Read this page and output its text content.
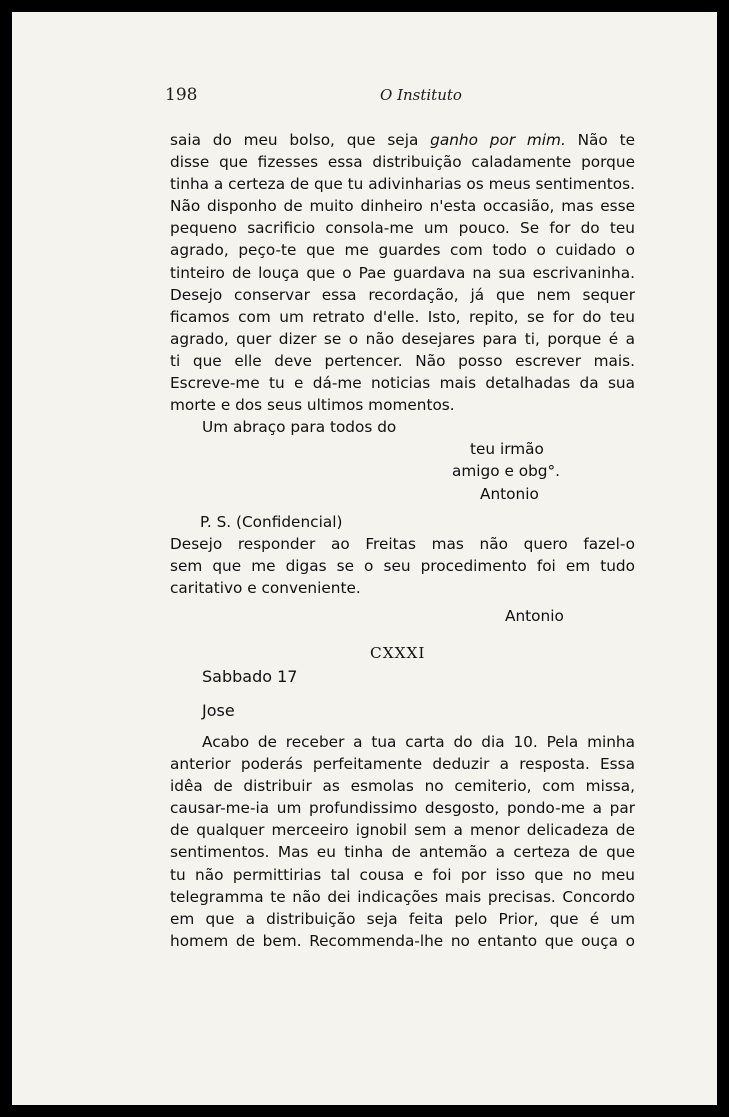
198	O Instituto
saia do meu bolso, que seja ganho por mim. Não te
disse que fizesses essa distribuição caladamente porque
tinha a certeza de que tu adivinharias os meus sentimentos.
Não disponho de muito dinheiro n'esta occasião, mas esse
pequeno sacrificio consola-me um pouco. Se for do teu
agrado, peço-te que me guardes com todo o cuidado o
tinteiro de louça que o Pae guardava na sua escrivaninha.
Desejo conservar essa recordação, já que nem sequer
ficamos com um retrato d'elle. Isto, repito, se for do teu
agrado, quer dizer se o não desejares para ti, porque é a
ti que elle deve pertencer. Não posso escrever mais.
Escreve-me tu e dá-me noticias mais detalhadas da sua
morte e dos seus ultimos momentos.
Um abraço para todos do
teu irmão
amigo e obg°.
Antonio
P. S. (Confidencial)
Desejo responder ao Freitas mas não quero fazel-o
sem que me digas se o seu procedimento foi em tudo
caritativo e conveniente.
Antonio
CXXXI
Sabbado 17
Jose
Acabo de receber a tua carta do dia 10. Pela minha
anterior poderás perfeitamente deduzir a resposta. Essa
idêa de distribuir as esmolas no cemiterio, com missa,
causar-me-ia um profundissimo desgosto, pondo-me a par
de qualquer merceeiro ignobil sem a menor delicadeza de
sentimentos. Mas eu tinha de antemão a certeza de que
tu não permittirias tal cousa e foi por isso que no meu
telegramma te não dei indicações mais precisas. Concordo
em que a distribuição seja feita pelo Prior, que é um
homem de bem. Recommenda-lhe no entanto que ouça o
